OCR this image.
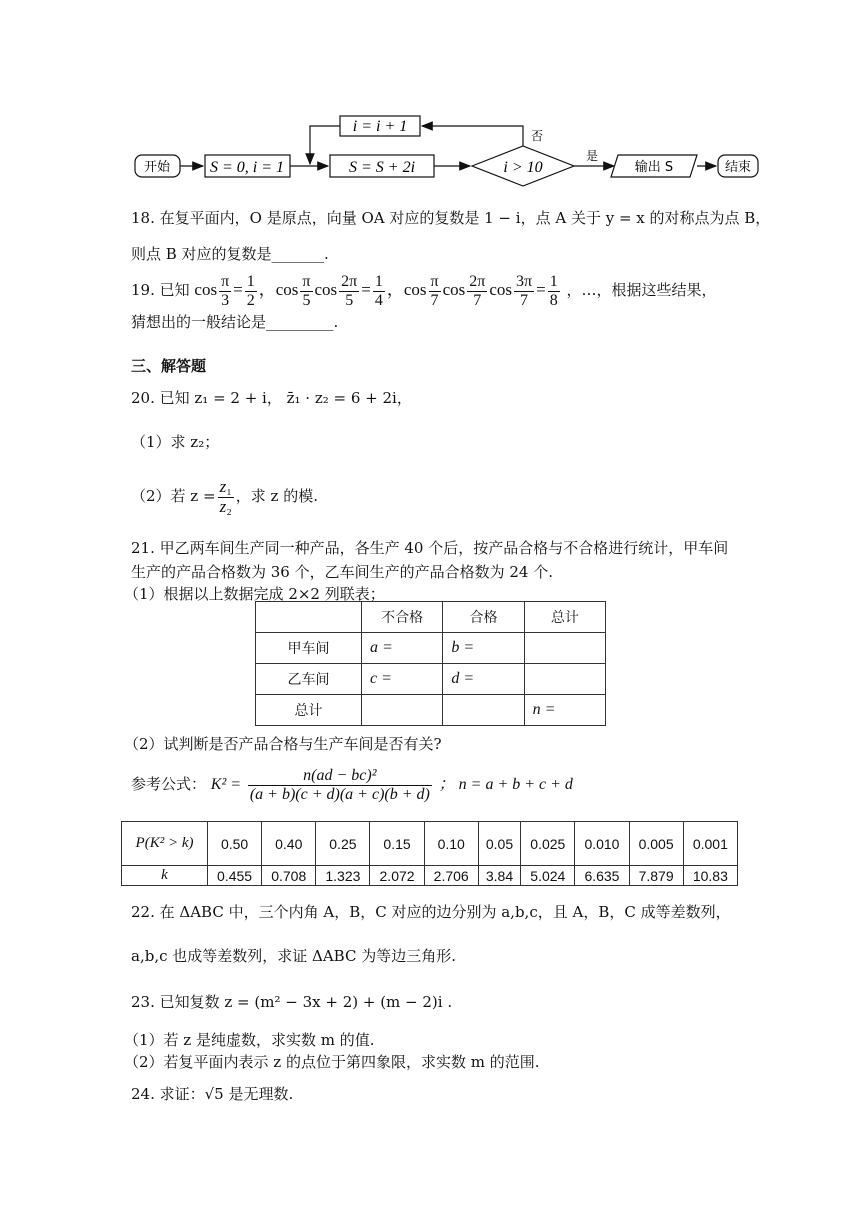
开始 S = 0, i = 1	S = S + 2i
i = i + 1
i > 10
否
是
输出 S	结束
18. 在复平面内，O 是原点，向量 OA 对应的复数是 1 − i，点 A 关于 y = x 的对称点为点 B，
则点 B 对应的复数是_______.
19. 已知 $\cos \frac{\pi}{3} = \frac{1}{2}$ ，$\cos \frac{\pi}{5}$ $\cos \frac{2\pi}{5} = \frac{1}{4}$ ，$\cos \frac{\pi}{7}$ $\cos \frac{2\pi}{7}$ $\cos \frac{3\pi}{7} = \frac{1}{8}$ ，…，根据这些结果，
猜想出的一般结论是_________.
三、解答题
20. 已知 z₁ = 2 + i， z̄₁ · z₂ = 6 + 2i，
（1）求 z₂；
（2）若 $z = \frac{\text{z₁}}{\text{z₂}}$ ，求 z 的模.
21. 甲乙两车间生产同一种产品，各生产 40 个后，按产品合格与不合格进行统计，甲车间
生产的产品合格数为 36 个，乙车间生产的产品合格数为 24 个.
（1）根据以上数据完成 2×2 列联表；
	不合格	合格	总计
甲车间	a =	b =	
乙车间	c =	d =	
总计			n =
（2）试判断是否产品合格与生产车间是否有关?
参考公式： $K^2 = \frac{\text{n(ad − bc)²}}{(a + b)(c + d)(a + c)(b + d)}$ ； n = a + b + c + d
P(K² > k)	0.50	0.40	0.25	0.15	0.10	0.05	0.025	0.010	0.005	0.001
k	0.455	0.708	1.323	2.072	2.706	3.84	5.024	6.635	7.879	10.83
22. 在 ΔABC 中，三个内角 A，B，C 对应的边分别为 a,b,c，且 A，B，C 成等差数列，
a,b,c 也成等差数列，求证 ΔABC 为等边三角形.
23. 已知复数 z = (m² − 3x + 2) + (m − 2)i .
（1）若 z 是纯虚数，求实数 m 的值.
（2）若复平面内表示 z 的点位于第四象限，求实数 m 的范围.
24. 求证：√5 是无理数.
